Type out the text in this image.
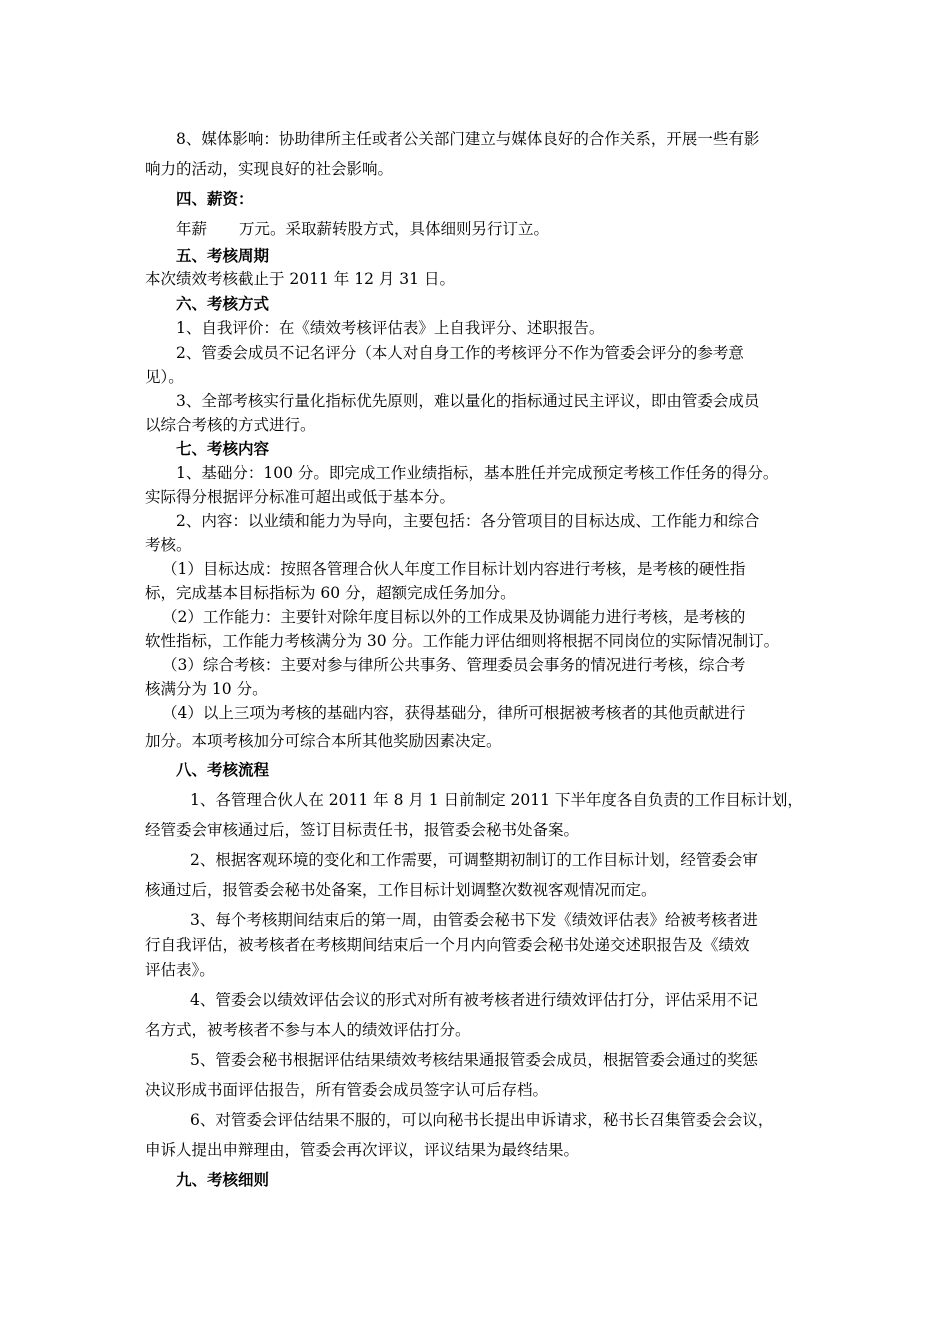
8、媒体影响：协助律所主任或者公关部门建立与媒体良好的合作关系，开展一些有影
响力的活动，实现良好的社会影响。
四、薪资：
年薪 万元。采取薪转股方式，具体细则另行订立。
五、考核周期
本次绩效考核截止于 2011 年 12 月 31 日。
六、考核方式
1、自我评价：在《绩效考核评估表》上自我评分、述职报告。
2、管委会成员不记名评分（本人对自身工作的考核评分不作为管委会评分的参考意
见）。
3、全部考核实行量化指标优先原则，难以量化的指标通过民主评议，即由管委会成员
以综合考核的方式进行。
七、考核内容
1、基础分：100 分。即完成工作业绩指标，基本胜任并完成预定考核工作任务的得分。
实际得分根据评分标准可超出或低于基本分。
2、内容：以业绩和能力为导向，主要包括：各分管项目的目标达成、工作能力和综合
考核。
（1）目标达成：按照各管理合伙人年度工作目标计划内容进行考核，是考核的硬性指
标，完成基本目标指标为 60 分，超额完成任务加分。
（2）工作能力：主要针对除年度目标以外的工作成果及协调能力进行考核，是考核的
软性指标，工作能力考核满分为 30 分。工作能力评估细则将根据不同岗位的实际情况制订。
（3）综合考核：主要对参与律所公共事务、管理委员会事务的情况进行考核，综合考
核满分为 10 分。
（4）以上三项为考核的基础内容，获得基础分，律所可根据被考核者的其他贡献进行
加分。本项考核加分可综合本所其他奖励因素决定。
八、考核流程
1、各管理合伙人在 2011 年 8 月 1 日前制定 2011 下半年度各自负责的工作目标计划，
经管委会审核通过后，签订目标责任书，报管委会秘书处备案。
2、根据客观环境的变化和工作需要，可调整期初制订的工作目标计划，经管委会审
核通过后，报管委会秘书处备案，工作目标计划调整次数视客观情况而定。
3、每个考核期间结束后的第一周，由管委会秘书下发《绩效评估表》给被考核者进
行自我评估，被考核者在考核期间结束后一个月内向管委会秘书处递交述职报告及《绩效
评估表》。
4、管委会以绩效评估会议的形式对所有被考核者进行绩效评估打分，评估采用不记
名方式，被考核者不参与本人的绩效评估打分。
5、管委会秘书根据评估结果绩效考核结果通报管委会成员，根据管委会通过的奖惩
决议形成书面评估报告，所有管委会成员签字认可后存档。
6、对管委会评估结果不服的，可以向秘书长提出申诉请求，秘书长召集管委会会议，
申诉人提出申辩理由，管委会再次评议，评议结果为最终结果。
九、考核细则
